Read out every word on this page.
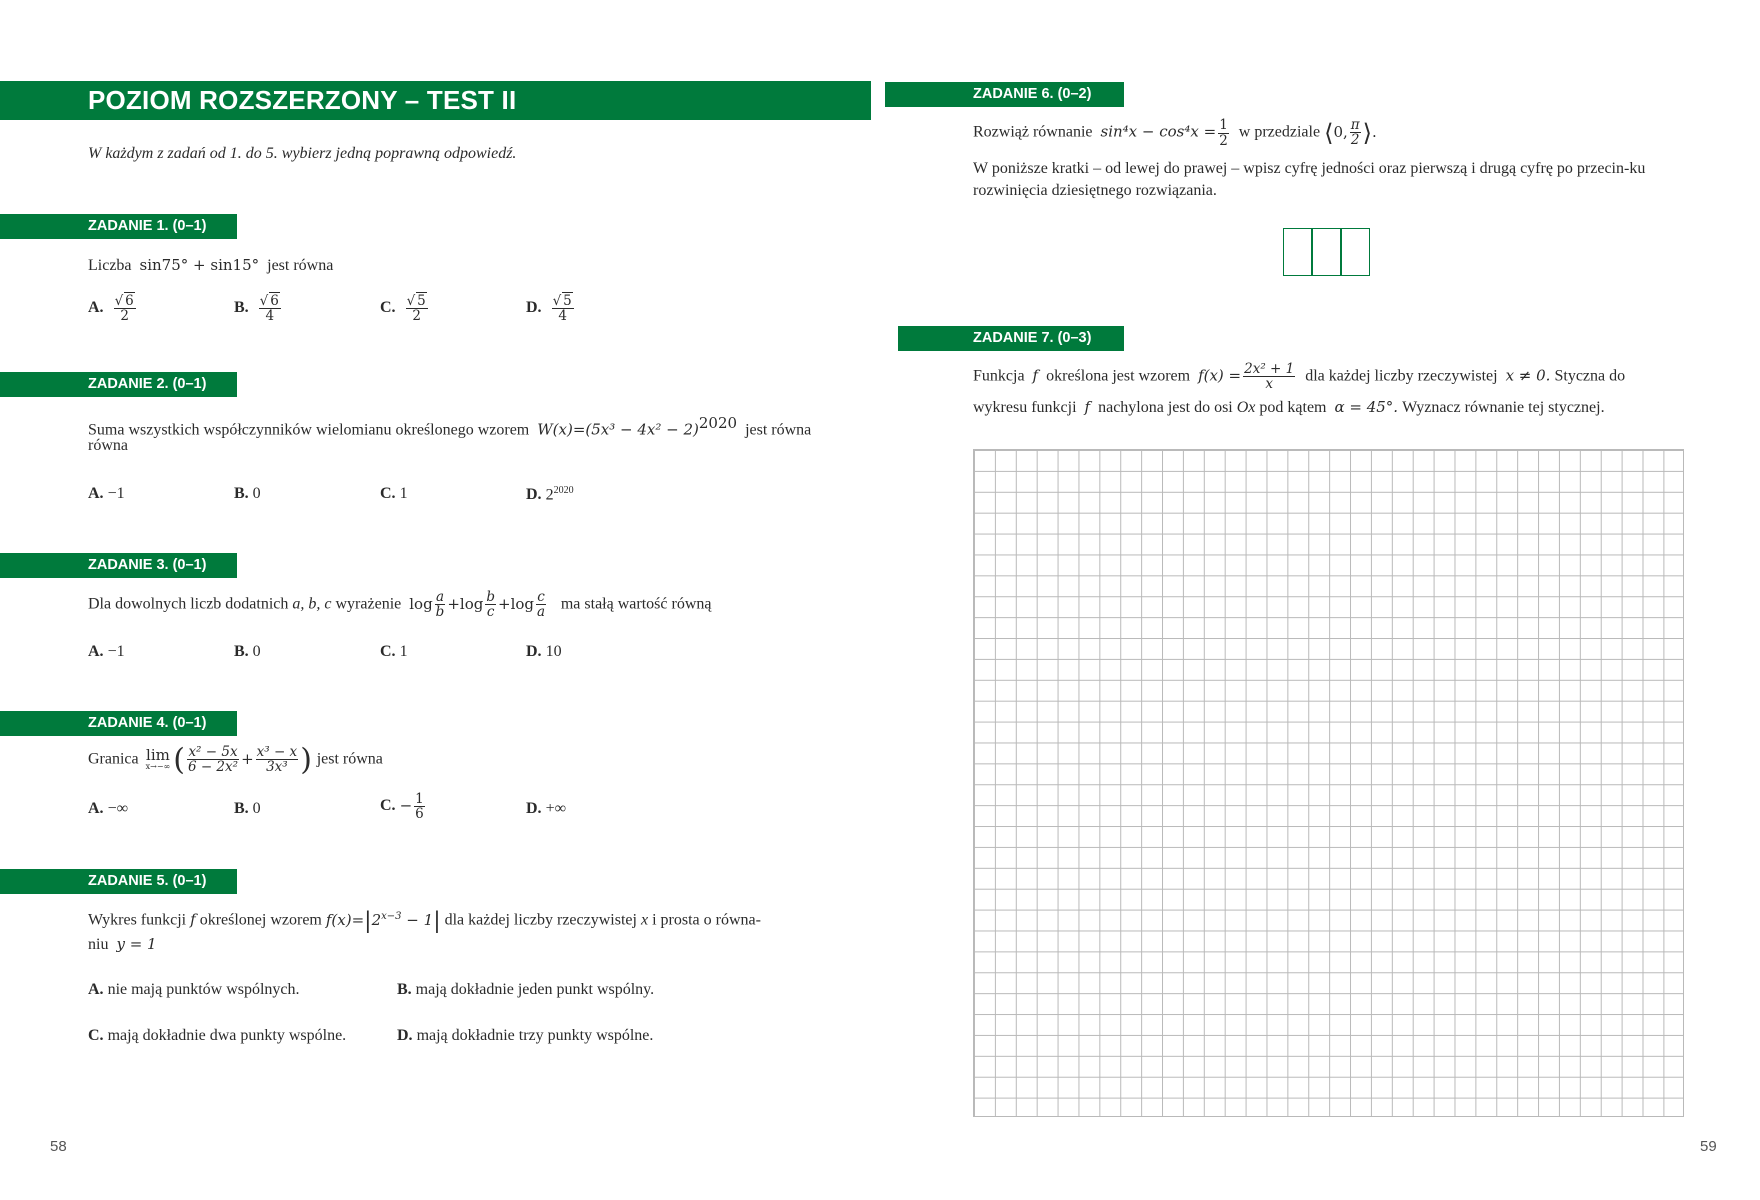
POZIOM ROZSZERZONY – TEST II
W każdym z zadań od 1. do 5. wybierz jedną poprawną odpowiedź.
ZADANIE 1. (0–1)
Liczba sin75° + sin15° jest równa
A. $\frac{√ 6}{2}$	B. $\frac{√ 6}{4}$	C. $\frac{√ 5}{2}$	D. $\frac{√ 5}{4}$
ZADANIE 2. (0–1)
Suma wszystkich współczynników wielomianu określonego wzorem $W(x)=(5x^3 - 4x^2 - 2)^{2020}$ jest równa
równa
A. −1	B. 0	C. 1	D. $2^{2020}$
ZADANIE 3. (0–1)
Dla dowolnych liczb dodatnich a, b, c wyrażenie $\log \frac{a}{b} +\log \frac{b}{c} +\log \frac{c}{a}$ ma stałą wartość równą
A. −1	B. 0	C. 1	D. 10
ZADANIE 4. (0–1)
Granica lim
x→−∞ ( $\frac{\text{x² − 5x}}{\text{6 − 2x²}} + \frac{\text{x³ − x}}{\text{3x³}}$ ) jest równa
A. −∞	B. 0	C. − $\frac{1}{6}$	D. +∞
ZADANIE 5. (0–1)
Wykres funkcji f określonej wzorem $f(x)=|2^{x-3} - 1|$ dla każdej liczby rzeczywistej x i prosta o równa-
niu y = 1
A. nie mają punktów wspólnych.	B. mają dokładnie jeden punkt wspólny.
C. mają dokładnie dwa punkty wspólne.	D. mają dokładnie trzy punkty wspólne.
58
ZADANIE 6. (0–2)
Rozwiąż równanie $\sin^4x - \cos^4x = \frac{1}{2}$ w przedziale ⟨0, $\frac{\pi}{2}$ ⟩.
W poniższe kratki – od lewej do prawej – wpisz cyfrę jedności oraz pierwszą i drugą cyfrę po przecin-ku rozwinięcia dziesiętnego rozwiązania.
ZADANIE 7. (0–3)
Funkcja f określona jest wzorem $f(x) = \frac{\text{2x² + 1}}{x}$ dla każdej liczby rzeczywistej x ≠ 0. Styczna do
wykresu funkcji f nachylona jest do osi Ox pod kątem α = 45°. Wyznacz równanie tej stycznej.
59
